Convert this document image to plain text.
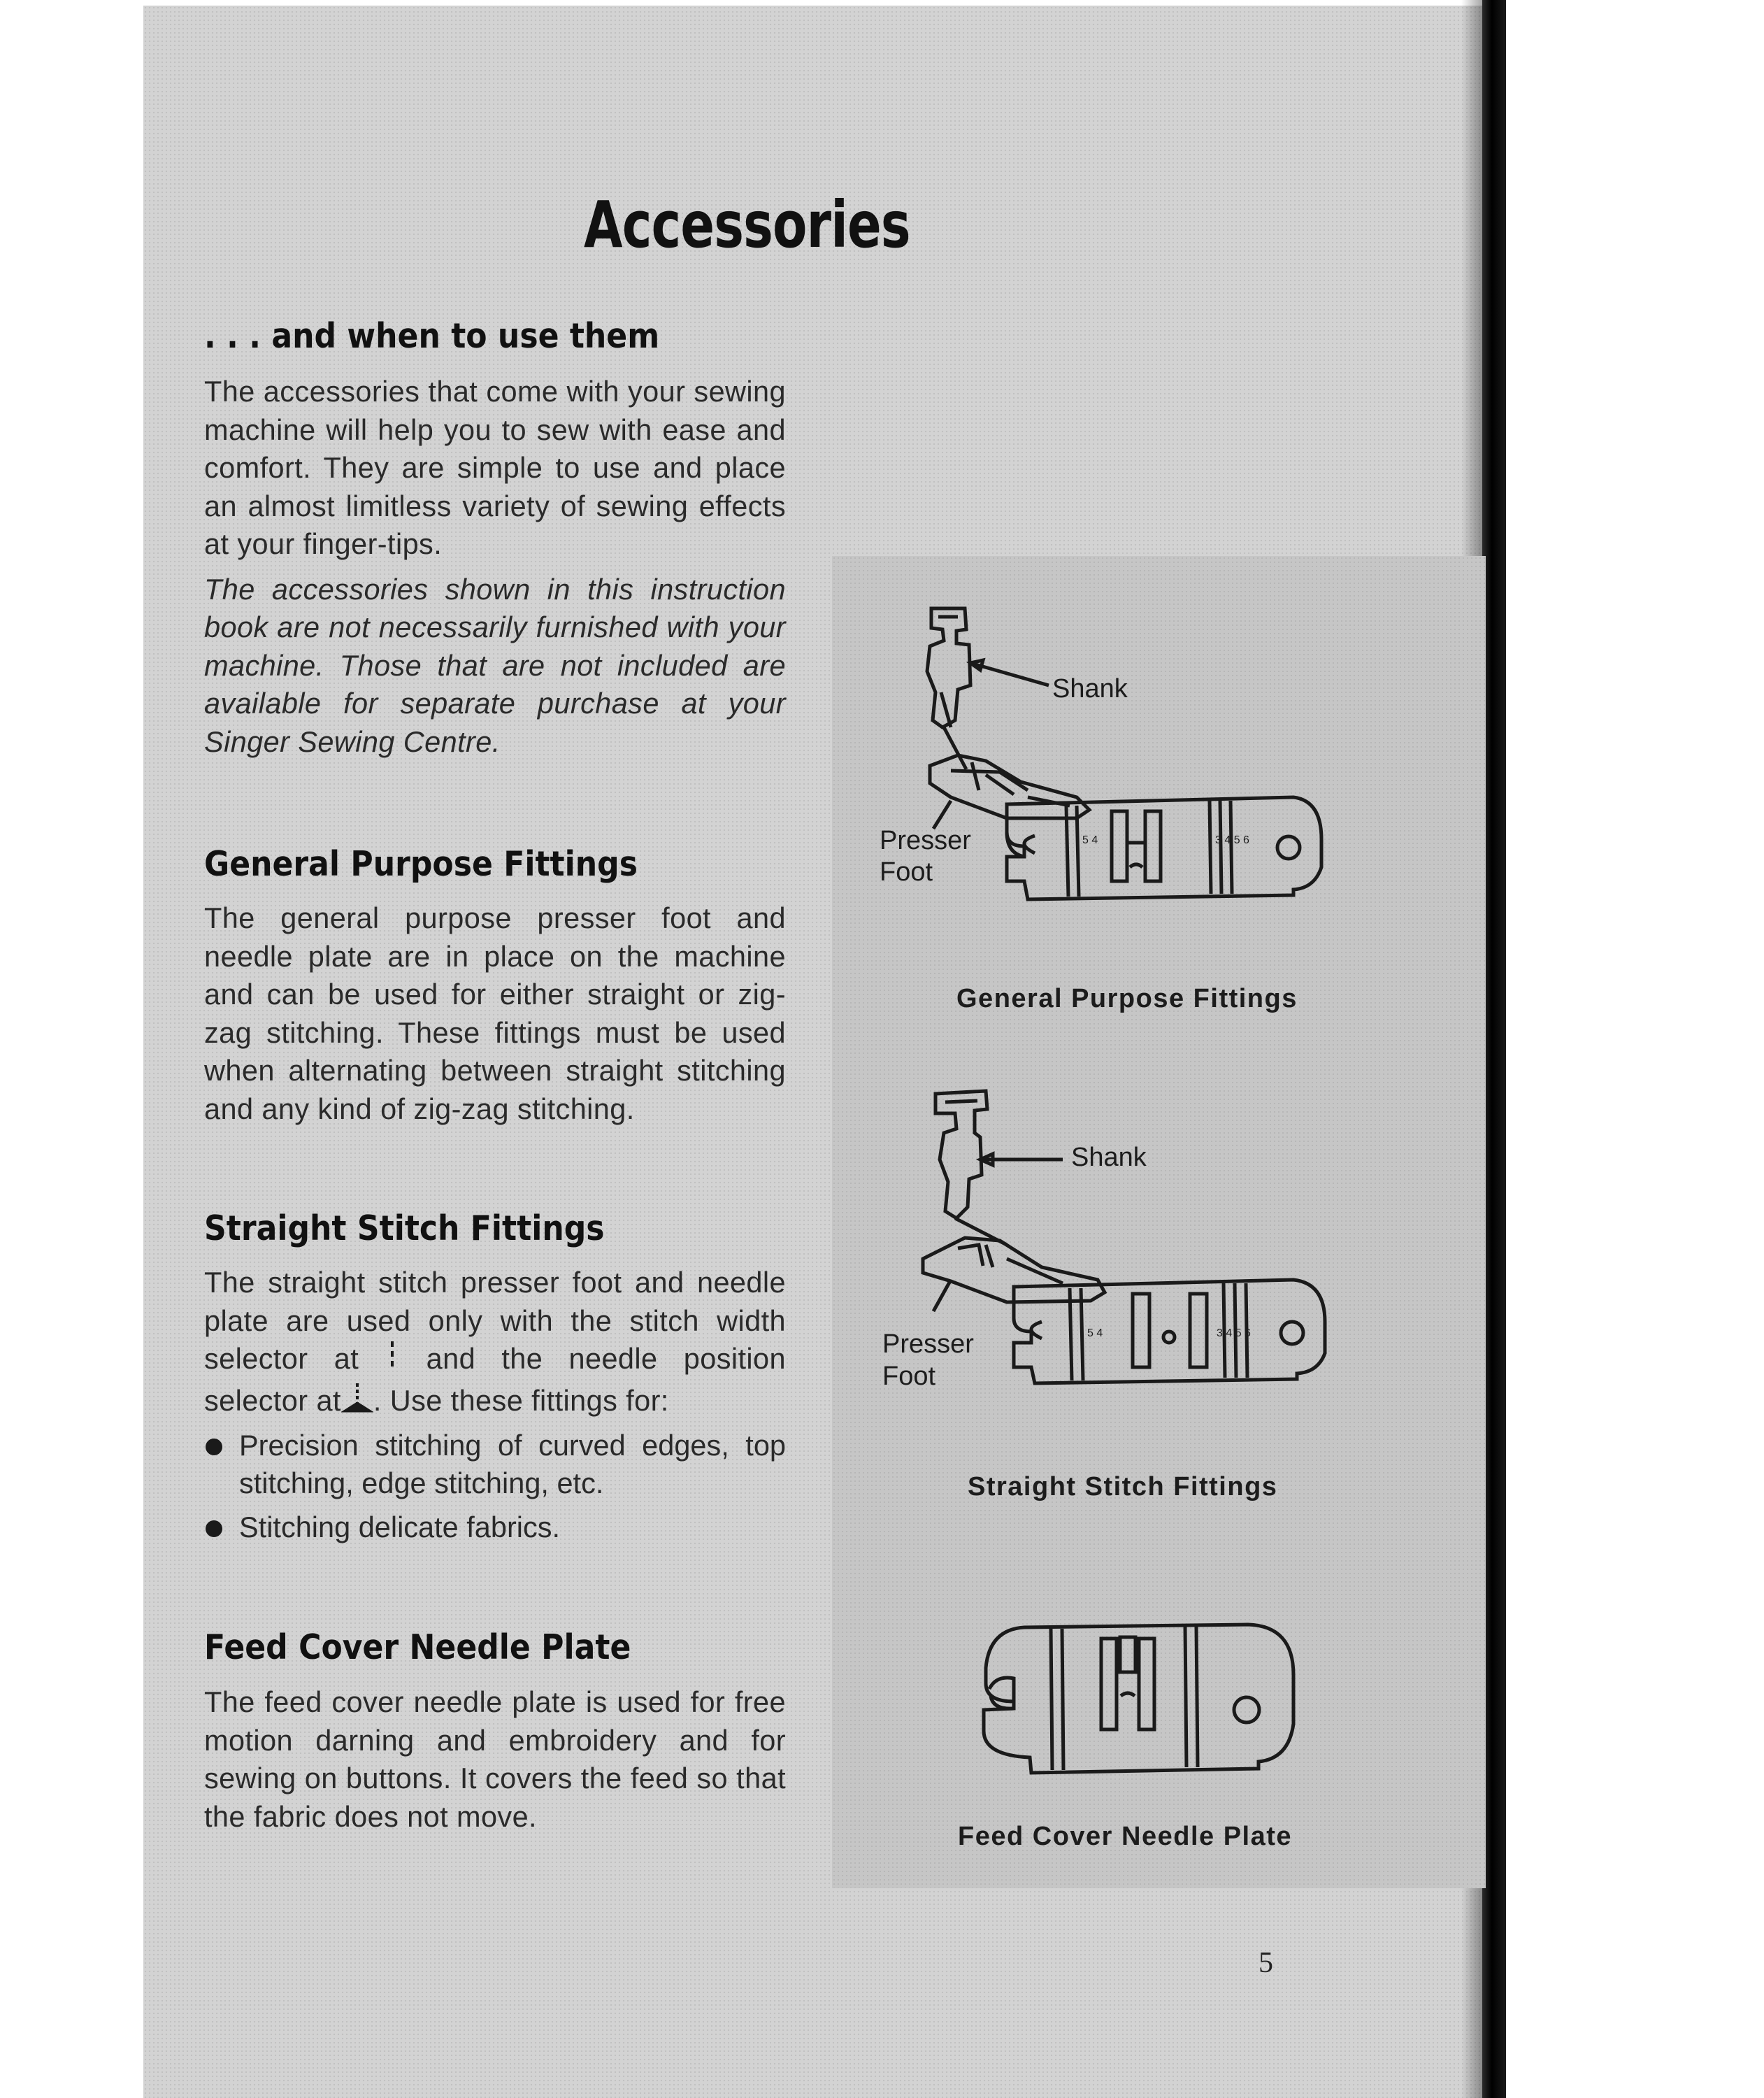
Accessories
. . . and when to use them

The accessories that come with your sewing machine will help you to sew with ease and comfort. They are simple to use and place an almost limitless variety of sewing effects at your finger-tips.

The accessories shown in this instruction book are not necessarily furnished with your machine. Those that are not included are available for separate purchase at your Singer Sewing Centre.

General Purpose Fittings

The general purpose presser foot and needle plate are in place on the machine and can be used for either straight or zig-zag stitching. These fittings must be used when alternating between straight stitching and any kind of zig-zag stitching.

Straight Stitch Fittings

The straight stitch presser foot and needle plate are used only with the stitch width selector at and the needle position selector at . Use these fittings for:

Precision stitching of curved edges, top stitching, edge stitching, etc.
Stitching delicate fabrics.
Feed Cover Needle Plate

The feed cover needle plate is used for free motion darning and embroidery and for sewing on buttons. It covers the feed so that the fabric does not move.

Shank
Presser
Foot
5 4	3 4 5 6
General Purpose Fittings
Shank
Presser
Foot
5 4	3 4 5 6
Straight Stitch Fittings
Feed Cover Needle Plate
5
